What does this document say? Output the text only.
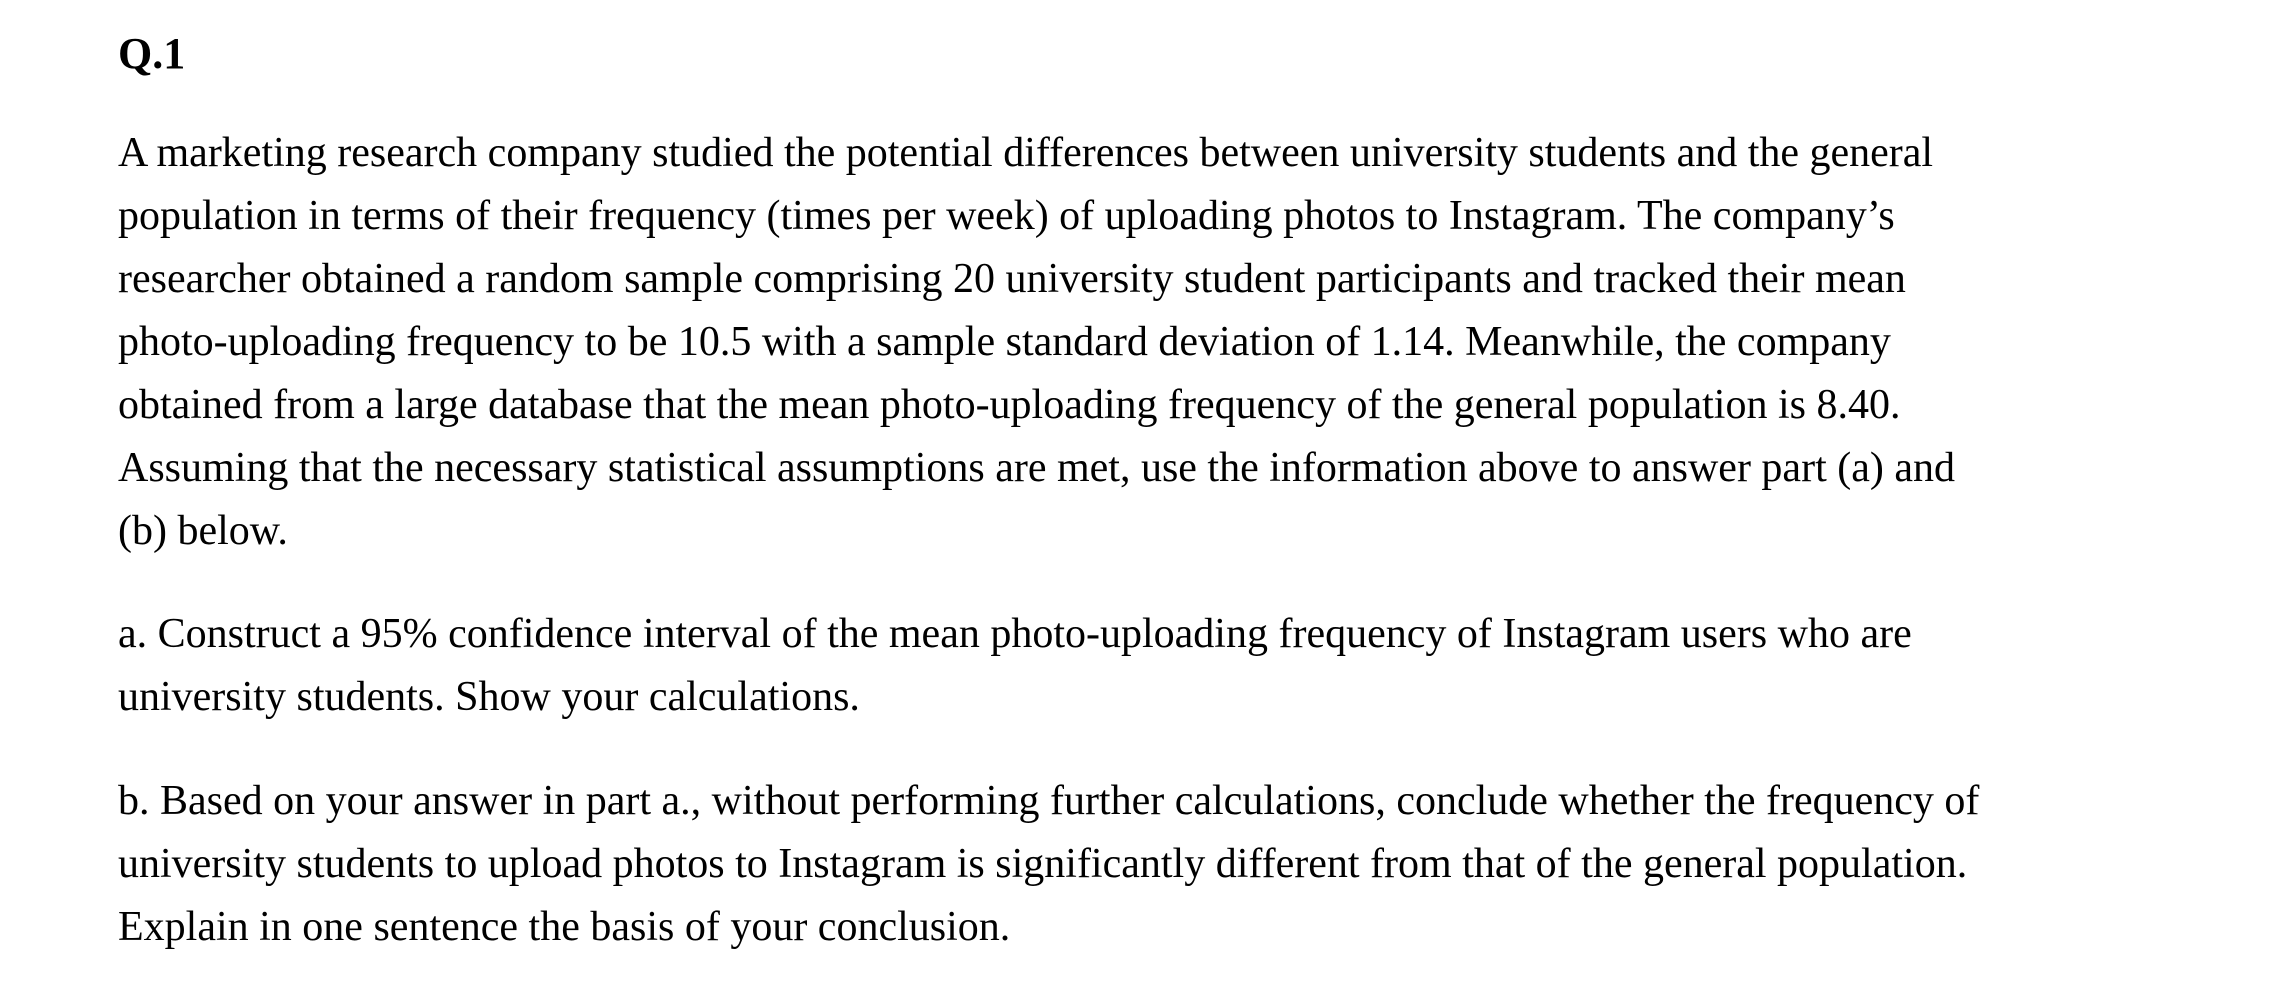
Q.1

A marketing research company studied the potential differences between university students and the general
population in terms of their frequency (times per week) of uploading photos to Instagram. The company’s
researcher obtained a random sample comprising 20 university student participants and tracked their mean
photo-uploading frequency to be 10.5 with a sample standard deviation of 1.14. Meanwhile, the company
obtained from a large database that the mean photo-uploading frequency of the general population is 8.40.
Assuming that the necessary statistical assumptions are met, use the information above to answer part (a) and
(b) below.

a. Construct a 95% confidence interval of the mean photo-uploading frequency of Instagram users who are
university students. Show your calculations.

b. Based on your answer in part a., without performing further calculations, conclude whether the frequency of
university students to upload photos to Instagram is significantly different from that of the general population.
Explain in one sentence the basis of your conclusion.
